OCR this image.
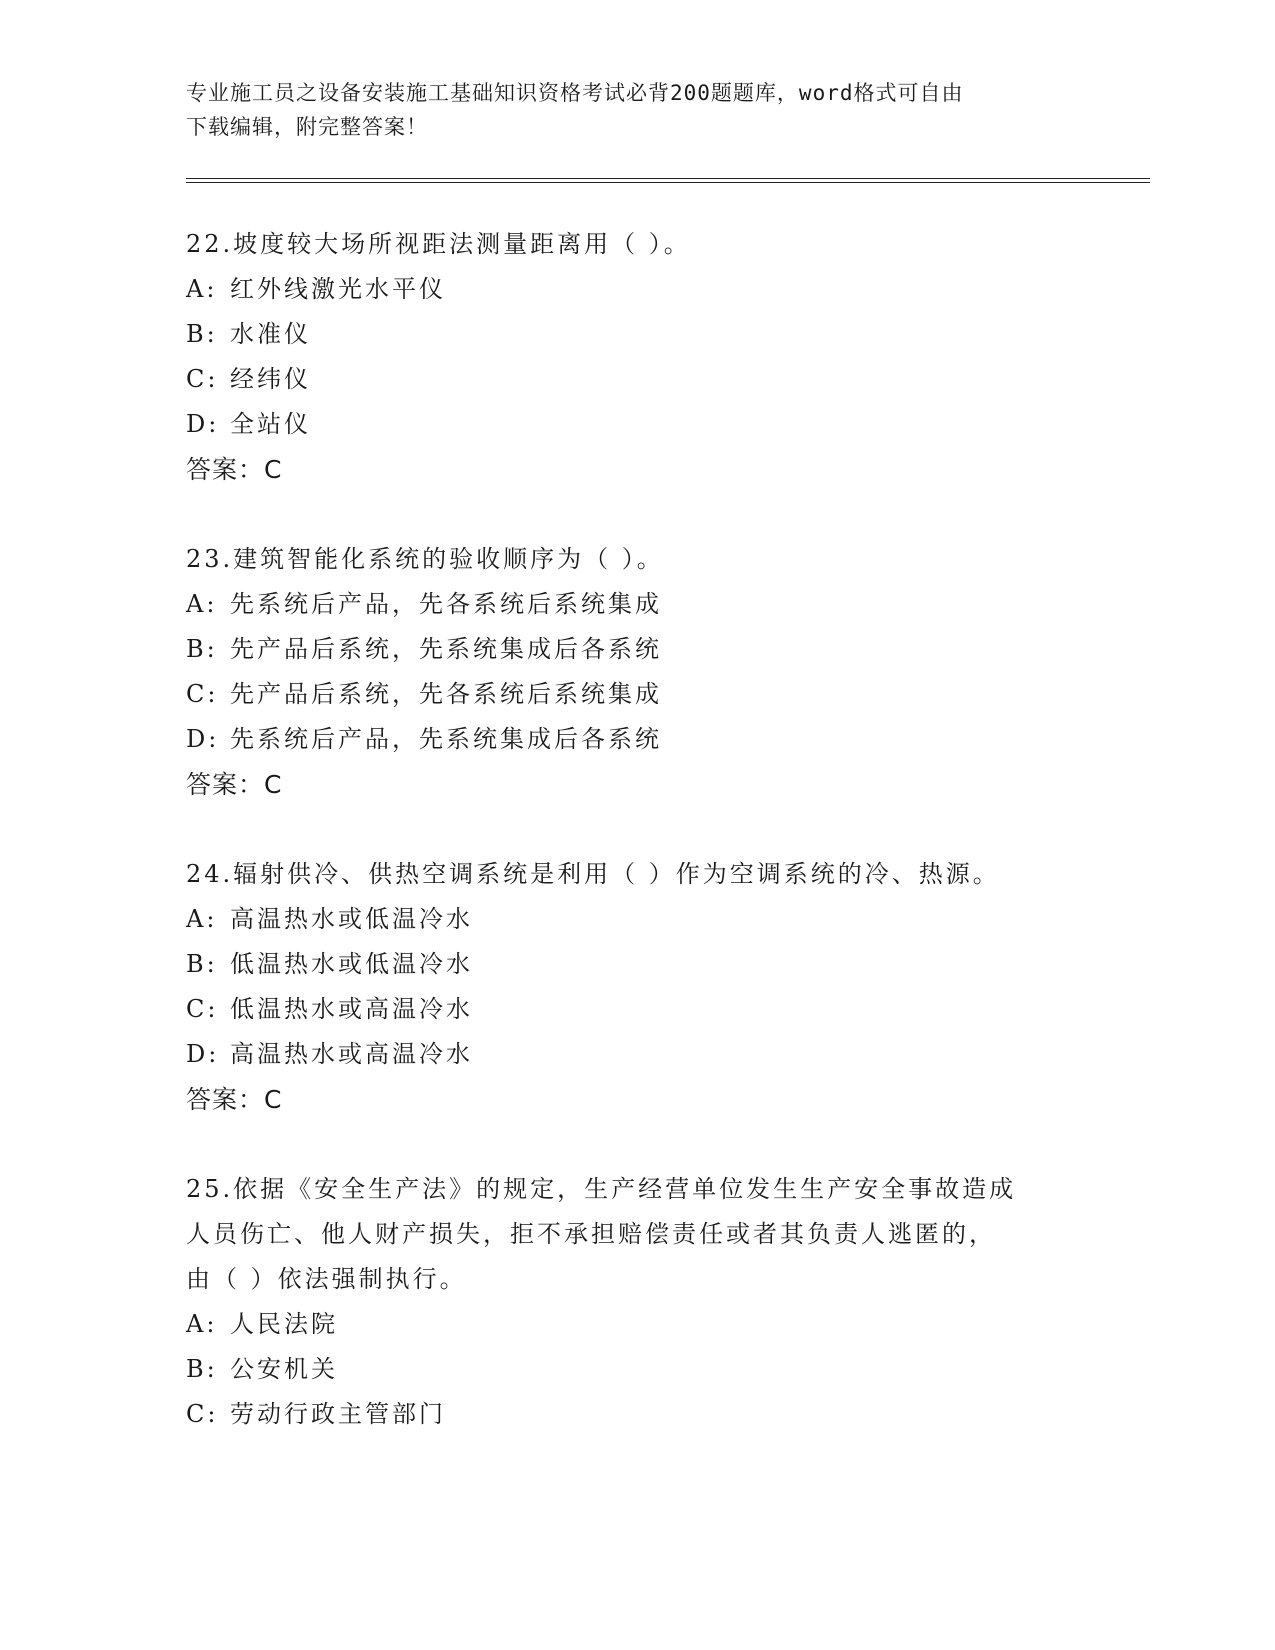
专业施工员之设备安装施工基础知识资格考试必背200题题库，word格式可自由

下载编辑，附完整答案！

22.坡度较大场所视距法测量距离用（ ）。
A: 红外线激光水平仪
B: 水准仪
C: 经纬仪
D: 全站仪
答案：C
23.建筑智能化系统的验收顺序为（ ）。
A: 先系统后产品，先各系统后系统集成
B: 先产品后系统，先系统集成后各系统
C: 先产品后系统，先各系统后系统集成
D: 先系统后产品，先系统集成后各系统
答案：C
24.辐射供冷、供热空调系统是利用（ ）作为空调系统的冷、热源。
A: 高温热水或低温冷水
B: 低温热水或低温冷水
C: 低温热水或高温冷水
D: 高温热水或高温冷水
答案：C
25.依据《安全生产法》的规定，生产经营单位发生生产安全事故造成
人员伤亡、他人财产损失，拒不承担赔偿责任或者其负责人逃匿的，
由（ ）依法强制执行。
A: 人民法院
B: 公安机关
C: 劳动行政主管部门
